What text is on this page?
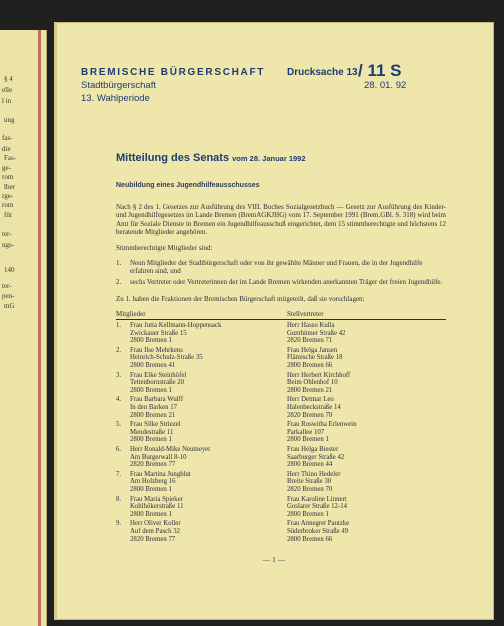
§ 4
elle
l in
ung
fas-
die
Fas-
ge-
rom
lber
rge-
rom
für
ter-
ngs-
140
ter-
pen-
mG
BREMISCHE BÜRGERSCHAFT
Stadtbürgerschaft
13. Wahlperiode
Drucksache 13 / 11 S
28. 01. 92
Mitteilung des Senats vom 28. Januar 1992
Neubildung eines Jugendhilfeausschusses

Nach § 2 des 1. Gesetzes zur Ausführung des VIII. Buches Sozialgesetzbuch — Gesetz zur Ausführung des Kinder- und Jugendhilfegesetzes im Lande Bremen (BremAGKJHG) vom 17. September 1991 (Brem.GBl. S. 318) wird beim Amt für Soziale Dienste in Bremen ein Jugendhilfeausschuß eingerichtet, dem 15 stimmberechtigte und höchstens 12 beratende Mitglieder angehören.

Stimmberechtigte Mitglieder sind:

1. Neun Mitglieder der Stadtbürgerschaft oder von ihr gewählte Männer und Frauen, die in der Jugendhilfe erfahren sind, und

2. sechs Vertreter oder Vertreterinnen der im Lande Bremen wirkenden anerkannten Träger der freien Jugendhilfe.

Zu 1. haben die Fraktionen der Bremischen Bürgerschaft mitgeteilt, daß sie vorschlagen:

Mitglieder	Stellvertreter
1. Frau Jutta Kellmann-Hoppensack
Zwickauer Straße 15
2800 Bremen 1
Herr Hasso Kulla
Gunthinner Straße 42
2820 Bremen 71
2. Frau Ilse Mehrkens
Heinrich-Schulz-Straße 35
2800 Bremen 41
Frau Helga Jansen
Flämische Straße 18
2800 Bremen 66
3. Frau Elke Steinhöfel
Tettenbornstraße 20
2800 Bremen 1
Herr Herbert Kirchhoff
Beim Ohlenhof 10
2800 Bremen 21
4. Frau Barbara Wulff
In den Barken 17
2800 Bremen 21
Herr Detmar Leo
Halenbeckstraße 14
2820 Bremen 70
5. Frau Silke Striezel
Mendestraße 11
2800 Bremen 1
Frau Roswitha Erlenwein
Parkallee 107
2800 Bremen 1
6. Herr Ronald-Mike Neumeyer
Am Burgerwall 8-10
2820 Bremen 77
Frau Helga Biester
Saarburger Straße 42
2800 Bremen 44
7. Frau Martina Jungblut
Am Holzberg 16
2800 Bremen 1
Herr Thino Hedeler
Breite Straße 30
2820 Bremen 70
8. Frau Maria Spieker
Kohlhökerstraße 11
2800 Bremen 1
Frau Karoline Linnert
Goslarer Straße 12-14
2800 Bremen 1
9. Herr Oliver Koller
Auf dem Pasch 32
2820 Bremen 77
Frau Annegret Pautzke
Süderbroker Straße 49
2800 Bremen 66
— 1 —
